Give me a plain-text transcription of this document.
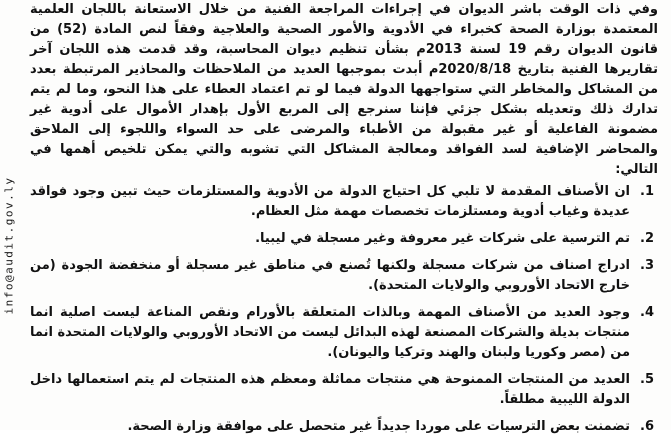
info@audit.gov.ly

وفي ذات الوقت باشر الديوان في إجراءات المراجعة الفنية من خلال الاستعانة باللجان العلمية المعتمدة بوزارة الصحة كخبراء في الأدوية والأمور الصحية والعلاجية وفقاً لنص المادة (52) من قانون الديوان رقم 19 لسنة 2013م بشأن تنظيم ديوان المحاسبة، وقد قدمت هذه اللجان آخر تقاريرها الفنية بتاريخ 2020/8/18م أبدت بموجبها العديد من الملاحظات والمحاذير المرتبطة بعدد من المشاكل والمخاطر التي ستواجهها الدولة فيما لو تم اعتماد العطاء على هذا النحو، وما لم يتم تدارك ذلك وتعديله بشكل جزئي فإننا سنرجع إلى المربع الأول بإهدار الأموال على أدوية غير مضمونة الفاعلية أو غير مقبولة من الأطباء والمرضى على حد السواء واللجوء إلى الملاحق والمحاضر الإضافية لسد الفواقد ومعالجة المشاكل التي تشوبه والتي يمكن تلخيص أهمها في التالي:

1.
ان الأصناف المقدمة لا تلبي كل احتياج الدولة من الأدوية والمستلزمات حيث تبين وجود فواقد عديدة وغياب أدوية ومستلزمات تخصصات مهمة مثل العظام.
2.
تم الترسية على شركات غير معروفة وغير مسجلة في ليبيا.
3.
ادراج اصناف من شركات مسجلة ولكنها تُصنع في مناطق غير مسجلة أو منخفضة الجودة (من خارج الاتحاد الأوروبي والولايات المتحدة).
4.
وجود العديد من الأصناف المهمة وبالذات المتعلقة بالأورام ونقص المناعة ليست اصلية انما منتجات بديلة والشركات المصنعة لهذه البدائل ليست من الاتحاد الأوروبي والولايات المتحدة انما من (مصر وكوريا ولبنان والهند وتركيا واليونان).
5.
العديد من المنتجات الممنوحة هي منتجات مماثلة ومعظم هذه المنتجات لم يتم استعمالها داخل الدولة الليبية مطلقاً.
6.
تضمنت بعض الترسيات على موردا جديداً غير متحصل على موافقة وزارة الصحة.
